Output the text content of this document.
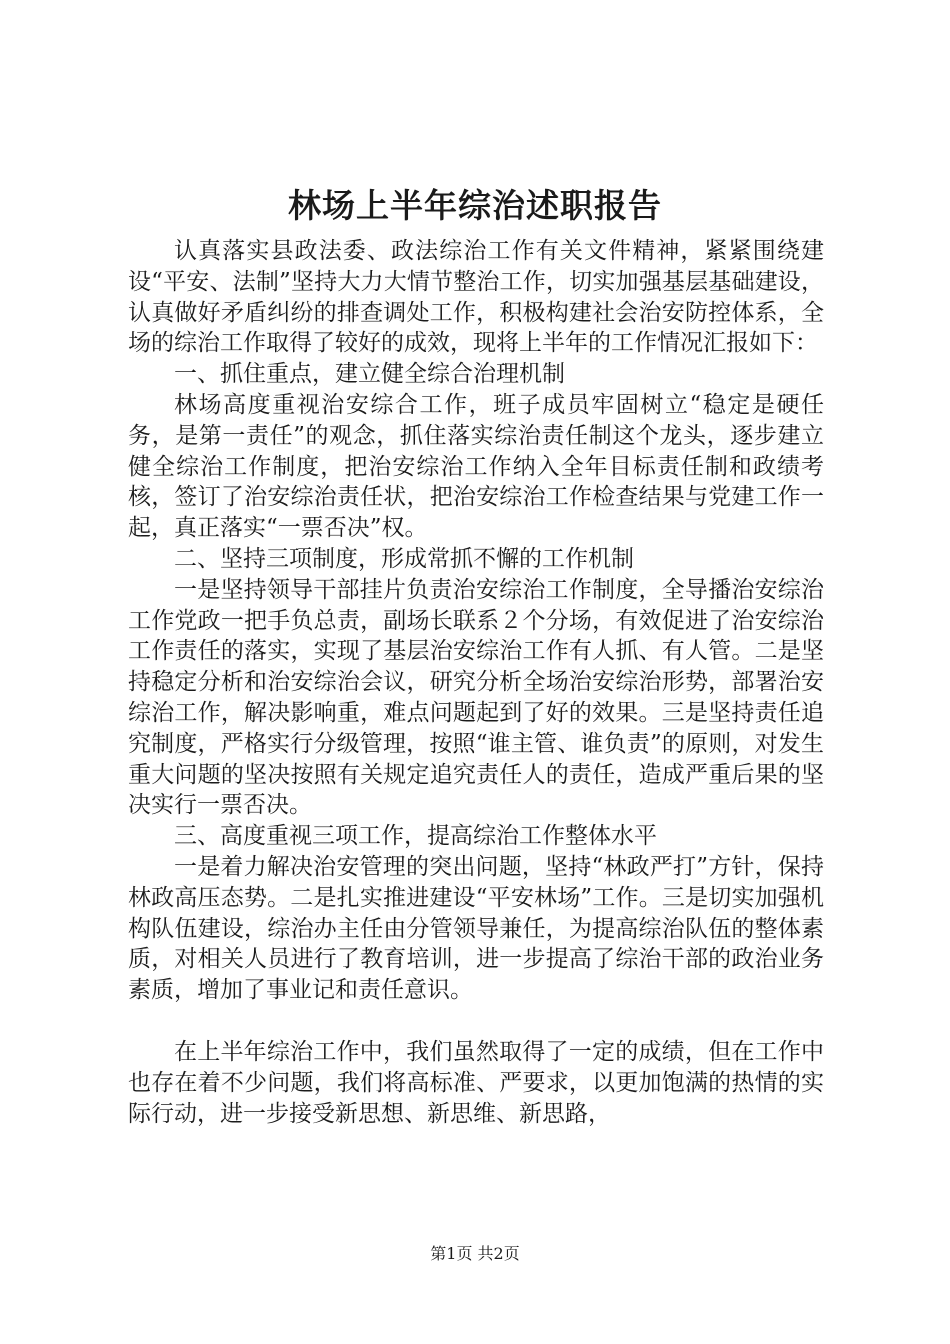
林场上半年综治述职报告

认真落实县政法委、政法综治工作有关文件精神，紧紧围绕建设“平安、法制”坚持大力大情节整治工作，切实加强基层基础建设，认真做好矛盾纠纷的排查调处工作，积极构建社会治安防控体系，全场的综治工作取得了较好的成效，现将上半年的工作情况汇报如下：

一、抓住重点，建立健全综合治理机制

林场高度重视治安综合工作，班子成员牢固树立“稳定是硬任务，是第一责任”的观念，抓住落实综治责任制这个龙头，逐步建立健全综治工作制度，把治安综治工作纳入全年目标责任制和政绩考核，签订了治安综治责任状，把治安综治工作检查结果与党建工作一起，真正落实“一票否决”权。

二、坚持三项制度，形成常抓不懈的工作机制

一是坚持领导干部挂片负责治安综治工作制度，全导播治安综治工作党政一把手负总责，副场长联系２个分场，有效促进了治安综治工作责任的落实，实现了基层治安综治工作有人抓、有人管。二是坚持稳定分析和治安综治会议，研究分析全场治安综治形势，部署治安综治工作，解决影响重，难点问题起到了好的效果。三是坚持责任追究制度，严格实行分级管理，按照“谁主管、谁负责”的原则，对发生重大问题的坚决按照有关规定追究责任人的责任，造成严重后果的坚决实行一票否决。

三、高度重视三项工作，提高综治工作整体水平

一是着力解决治安管理的突出问题，坚持“林政严打”方针，保持林政高压态势。二是扎实推进建设“平安林场”工作。三是切实加强机构队伍建设，综治办主任由分管领导兼任，为提高综治队伍的整体素质，对相关人员进行了教育培训，进一步提高了综治干部的政治业务素质，增加了事业记和责任意识。

在上半年综治工作中，我们虽然取得了一定的成绩，但在工作中也存在着不少问题，我们将高标准、严要求，以更加饱满的热情的实际行动，进一步接受新思想、新思维、新思路，

第1页 共2页
